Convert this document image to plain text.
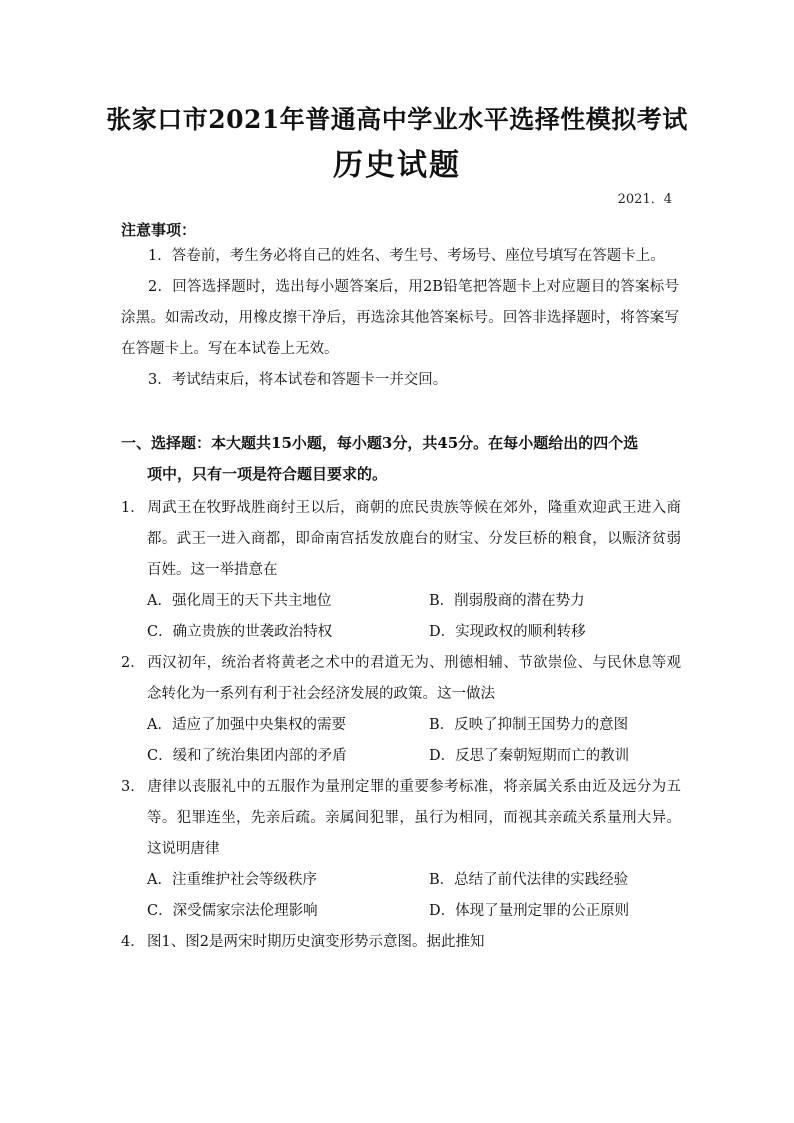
张家口市2021年普通高中学业水平选择性模拟考试
历史试题
2021．4
注意事项：

1．答卷前，考生务必将自己的姓名、考生号、考场号、座位号填写在答题卡上。

2．回答选择题时，选出每小题答案后，用2B铅笔把答题卡上对应题目的答案标号涂黑。如需改动，用橡皮擦干净后，再选涂其他答案标号。回答非选择题时，将答案写在答题卡上。写在本试卷上无效。

3．考试结束后，将本试卷和答题卡一并交回。

一、选择题：本大题共15小题，每小题3分，共45分。在每小题给出的四个选
项中，只有一项是符合题目要求的。
1． 周武王在牧野战胜商纣王以后，商朝的庶民贵族等候在郊外，隆重欢迎武王进入商都。武王一进入商都，即命南宫括发放鹿台的财宝、分发巨桥的粮食，以赈济贫弱百姓。这一举措意在
A．强化周王的天下共主地位	B．削弱殷商的潜在势力
C．确立贵族的世袭政治特权	D．实现政权的顺利转移
2． 西汉初年，统治者将黄老之术中的君道无为、刑德相辅、节欲崇俭、与民休息等观念转化为一系列有利于社会经济发展的政策。这一做法
A．适应了加强中央集权的需要	B．反映了抑制王国势力的意图
C．缓和了统治集团内部的矛盾	D．反思了秦朝短期而亡的教训
3． 唐律以丧服礼中的五服作为量刑定罪的重要参考标准，将亲属关系由近及远分为五等。犯罪连坐，先亲后疏。亲属间犯罪，虽行为相同，而视其亲疏关系量刑大异。这说明唐律
A．注重维护社会等级秩序	B．总结了前代法律的实践经验
C．深受儒家宗法伦理影响	D．体现了量刑定罪的公正原则
4． 图1、图2是两宋时期历史演变形势示意图。据此推知
